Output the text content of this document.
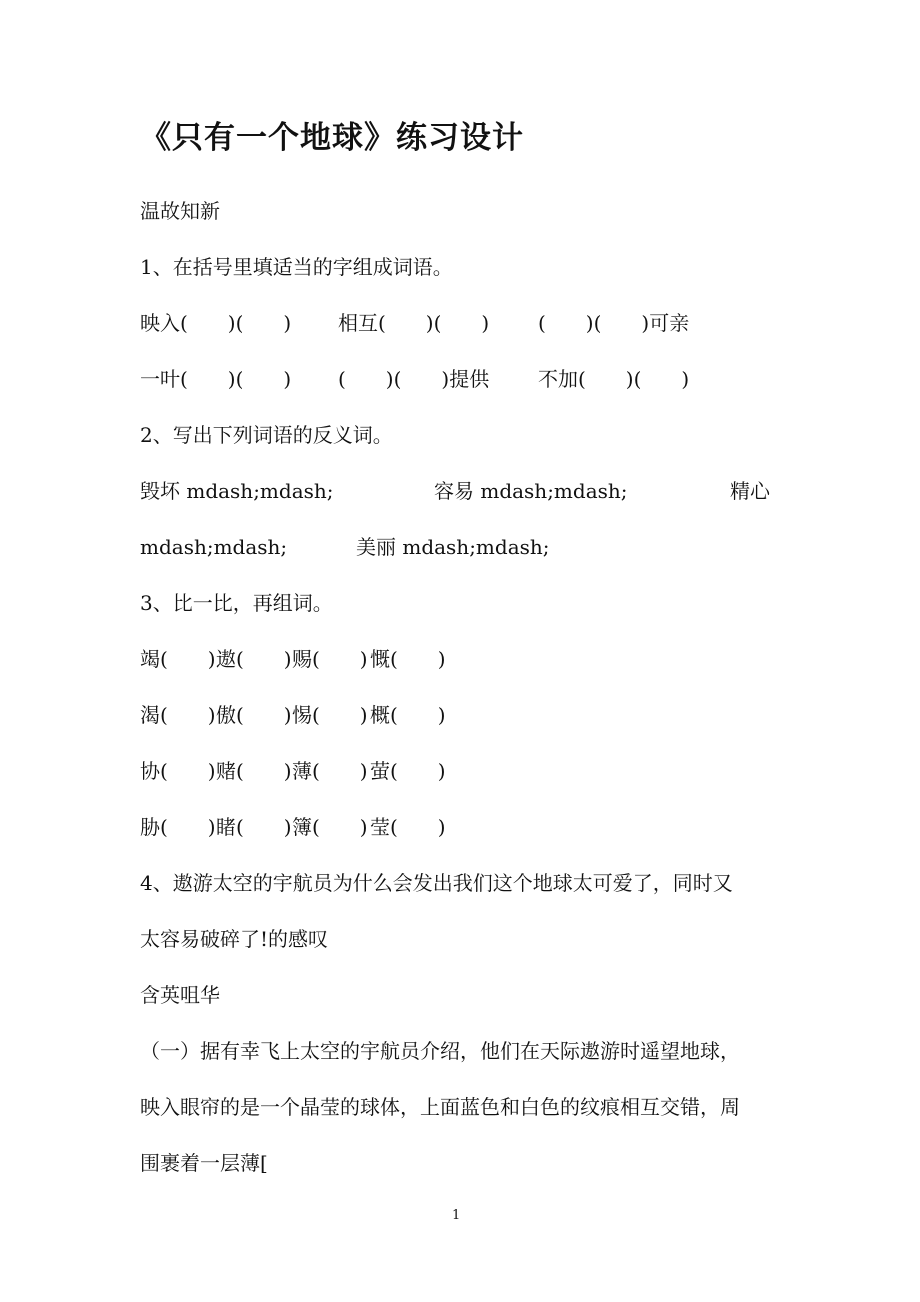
《只有一个地球》练习设计
温故知新
1、在括号里填适当的字组成词语。
映入(　　)(　　) 相互(　　)(　　) (　　)(　　)可亲
一叶(　　)(　　) (　　)(　　)提供 不加(　　)(　　)
2、写出下列词语的反义词。
毁坏 mdash;mdash;	容易 mdash;mdash;	精心
mdash;mdash;	美丽 mdash;mdash;
3、比一比，再组词。
竭(　　) 遨(　　) 赐(　　) 慨(　　)
渴(　　) 傲(　　) 惕(　　) 概(　　)
协(　　) 赌(　　) 薄(　　) 萤(　　)
胁(　　) 睹(　　) 簿(　　) 莹(　　)
4、遨游太空的宇航员为什么会发出我们这个地球太可爱了，同时又
太容易破碎了!的感叹
含英咀华
（一）据有幸飞上太空的宇航员介绍，他们在天际遨游时遥望地球，
映入眼帘的是一个晶莹的球体，上面蓝色和白色的纹痕相互交错，周
围裹着一层薄[
1
